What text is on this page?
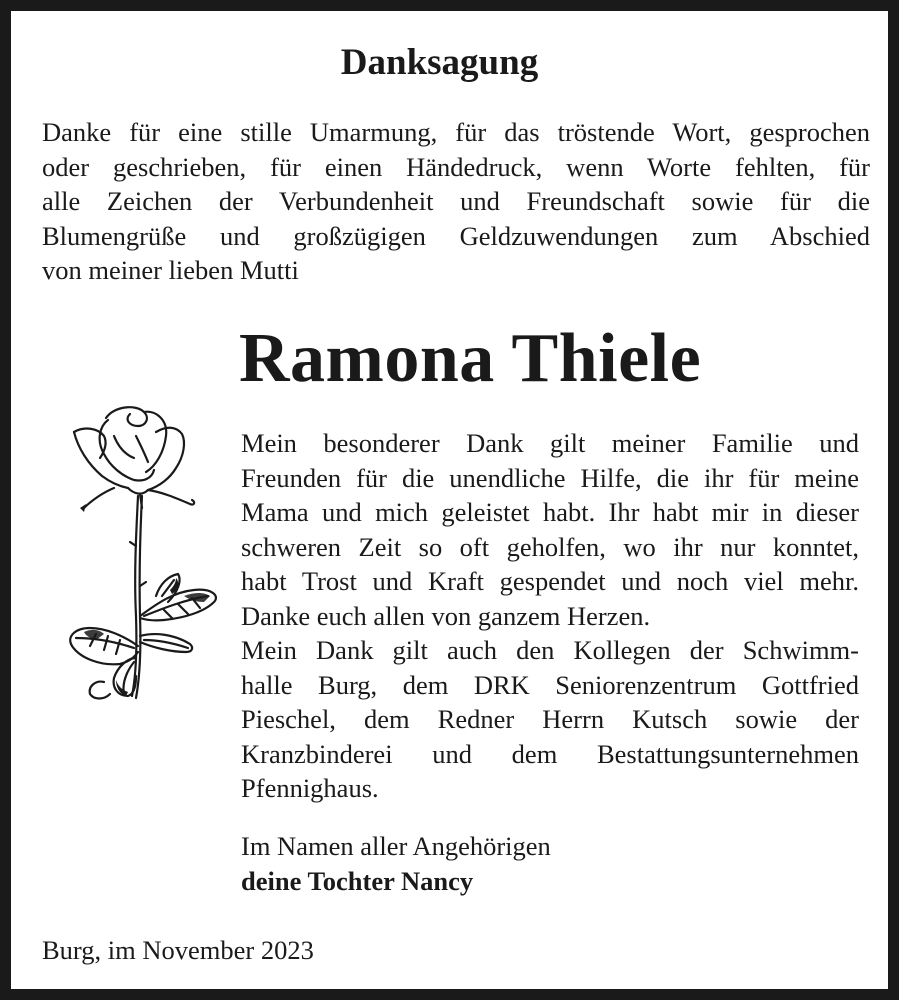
Danksagung
Danke für eine stille Umarmung, für das tröstende Wort, gesprochen
oder geschrieben, für einen Händedruck, wenn Worte fehlten, für
alle Zeichen der Verbundenheit und Freundschaft sowie für die
Blumengrüße und großzügigen Geldzuwendungen zum Abschied
von meiner lieben Mutti
Ramona Thiele
Mein besonderer Dank gilt meiner Familie und
Freunden für die unendliche Hilfe, die ihr für meine
Mama und mich geleistet habt. Ihr habt mir in dieser
schweren Zeit so oft geholfen, wo ihr nur konntet,
habt Trost und Kraft gespendet und noch viel mehr.
Danke euch allen von ganzem Herzen.
Mein Dank gilt auch den Kollegen der Schwimm-
halle Burg, dem DRK Seniorenzentrum Gottfried
Pieschel, dem Redner Herrn Kutsch sowie der
Kranzbinderei und dem Bestattungsunternehmen
Pfennighaus.
Im Namen aller Angehörigen
deine Tochter Nancy
Burg, im November 2023
